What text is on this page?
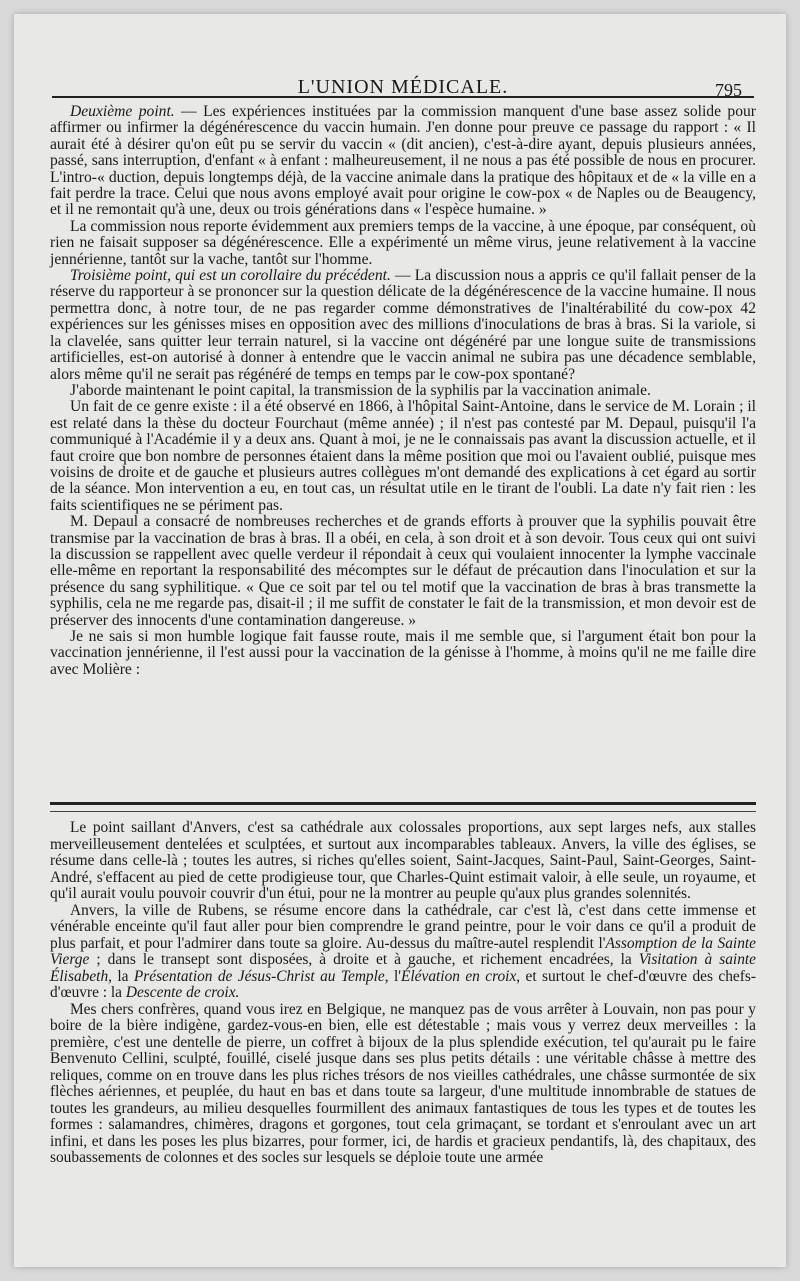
L'UNION MÉDICALE.	795

Deuxième point. — Les expériences instituées par la commission manquent d'une base assez solide pour affirmer ou infirmer la dégénérescence du vaccin humain. J'en donne pour preuve ce passage du rapport : « Il aurait été à désirer qu'on eût pu se servir du vaccin « (dit ancien), c'est-à-dire ayant, depuis plusieurs années, passé, sans interruption, d'enfant « à enfant : malheureusement, il ne nous a pas été possible de nous en procurer. L'intro-« duction, depuis longtemps déjà, de la vaccine animale dans la pratique des hôpitaux et de « la ville en a fait perdre la trace. Celui que nous avons employé avait pour origine le cow-pox « de Naples ou de Beaugency, et il ne remontait qu'à une, deux ou trois générations dans « l'espèce humaine. »

La commission nous reporte évidemment aux premiers temps de la vaccine, à une époque, par conséquent, où rien ne faisait supposer sa dégénérescence. Elle a expérimenté un même virus, jeune relativement à la vaccine jennérienne, tantôt sur la vache, tantôt sur l'homme.

Troisième point, qui est un corollaire du précédent. — La discussion nous a appris ce qu'il fallait penser de la réserve du rapporteur à se prononcer sur la question délicate de la dégénérescence de la vaccine humaine. Il nous permettra donc, à notre tour, de ne pas regarder comme démonstratives de l'inaltérabilité du cow-pox 42 expériences sur les génisses mises en opposition avec des millions d'inoculations de bras à bras. Si la variole, si la clavelée, sans quitter leur terrain naturel, si la vaccine ont dégénéré par une longue suite de transmissions artificielles, est-on autorisé à donner à entendre que le vaccin animal ne subira pas une décadence semblable, alors même qu'il ne serait pas régénéré de temps en temps par le cow-pox spontané?

J'aborde maintenant le point capital, la transmission de la syphilis par la vaccination animale.

Un fait de ce genre existe : il a été observé en 1866, à l'hôpital Saint-Antoine, dans le service de M. Lorain ; il est relaté dans la thèse du docteur Fourchaut (même année) ; il n'est pas contesté par M. Depaul, puisqu'il l'a communiqué à l'Académie il y a deux ans. Quant à moi, je ne le connaissais pas avant la discussion actuelle, et il faut croire que bon nombre de personnes étaient dans la même position que moi ou l'avaient oublié, puisque mes voisins de droite et de gauche et plusieurs autres collègues m'ont demandé des explications à cet égard au sortir de la séance. Mon intervention a eu, en tout cas, un résultat utile en le tirant de l'oubli. La date n'y fait rien : les faits scientifiques ne se périment pas.

M. Depaul a consacré de nombreuses recherches et de grands efforts à prouver que la syphilis pouvait être transmise par la vaccination de bras à bras. Il a obéi, en cela, à son droit et à son devoir. Tous ceux qui ont suivi la discussion se rappellent avec quelle verdeur il répondait à ceux qui voulaient innocenter la lymphe vaccinale elle-même en reportant la responsabilité des mécomptes sur le défaut de précaution dans l'inoculation et sur la présence du sang syphilitique. « Que ce soit par tel ou tel motif que la vaccination de bras à bras transmette la syphilis, cela ne me regarde pas, disait-il ; il me suffit de constater le fait de la transmission, et mon devoir est de préserver des innocents d'une contamination dangereuse. »

Je ne sais si mon humble logique fait fausse route, mais il me semble que, si l'argument était bon pour la vaccination jennérienne, il l'est aussi pour la vaccination de la génisse à l'homme, à moins qu'il ne me faille dire avec Molière :

Le point saillant d'Anvers, c'est sa cathédrale aux colossales proportions, aux sept larges nefs, aux stalles merveilleusement dentelées et sculptées, et surtout aux incomparables tableaux. Anvers, la ville des églises, se résume dans celle-là ; toutes les autres, si riches qu'elles soient, Saint-Jacques, Saint-Paul, Saint-Georges, Saint-André, s'effacent au pied de cette prodigieuse tour, que Charles-Quint estimait valoir, à elle seule, un royaume, et qu'il aurait voulu pouvoir couvrir d'un étui, pour ne la montrer au peuple qu'aux plus grandes solennités.

Anvers, la ville de Rubens, se résume encore dans la cathédrale, car c'est là, c'est dans cette immense et vénérable enceinte qu'il faut aller pour bien comprendre le grand peintre, pour le voir dans ce qu'il a produit de plus parfait, et pour l'admirer dans toute sa gloire. Au-dessus du maître-autel resplendit l'Assomption de la Sainte Vierge ; dans le transept sont disposées, à droite et à gauche, et richement encadrées, la Visitation à sainte Élisabeth, la Présentation de Jésus-Christ au Temple, l'Élévation en croix, et surtout le chef-d'œuvre des chefs-d'œuvre : la Descente de croix.

Mes chers confrères, quand vous irez en Belgique, ne manquez pas de vous arrêter à Louvain, non pas pour y boire de la bière indigène, gardez-vous-en bien, elle est détestable ; mais vous y verrez deux merveilles : la première, c'est une dentelle de pierre, un coffret à bijoux de la plus splendide exécution, tel qu'aurait pu le faire Benvenuto Cellini, sculpté, fouillé, ciselé jusque dans ses plus petits détails : une véritable châsse à mettre des reliques, comme on en trouve dans les plus riches trésors de nos vieilles cathédrales, une châsse surmontée de six flèches aériennes, et peuplée, du haut en bas et dans toute sa largeur, d'une multitude innombrable de statues de toutes les grandeurs, au milieu desquelles fourmillent des animaux fantastiques de tous les types et de toutes les formes : salamandres, chimères, dragons et gorgones, tout cela grimaçant, se tordant et s'enroulant avec un art infini, et dans les poses les plus bizarres, pour former, ici, de hardis et gracieux pendantifs, là, des chapitaux, des soubassements de colonnes et des socles sur lesquels se déploie toute une armée
